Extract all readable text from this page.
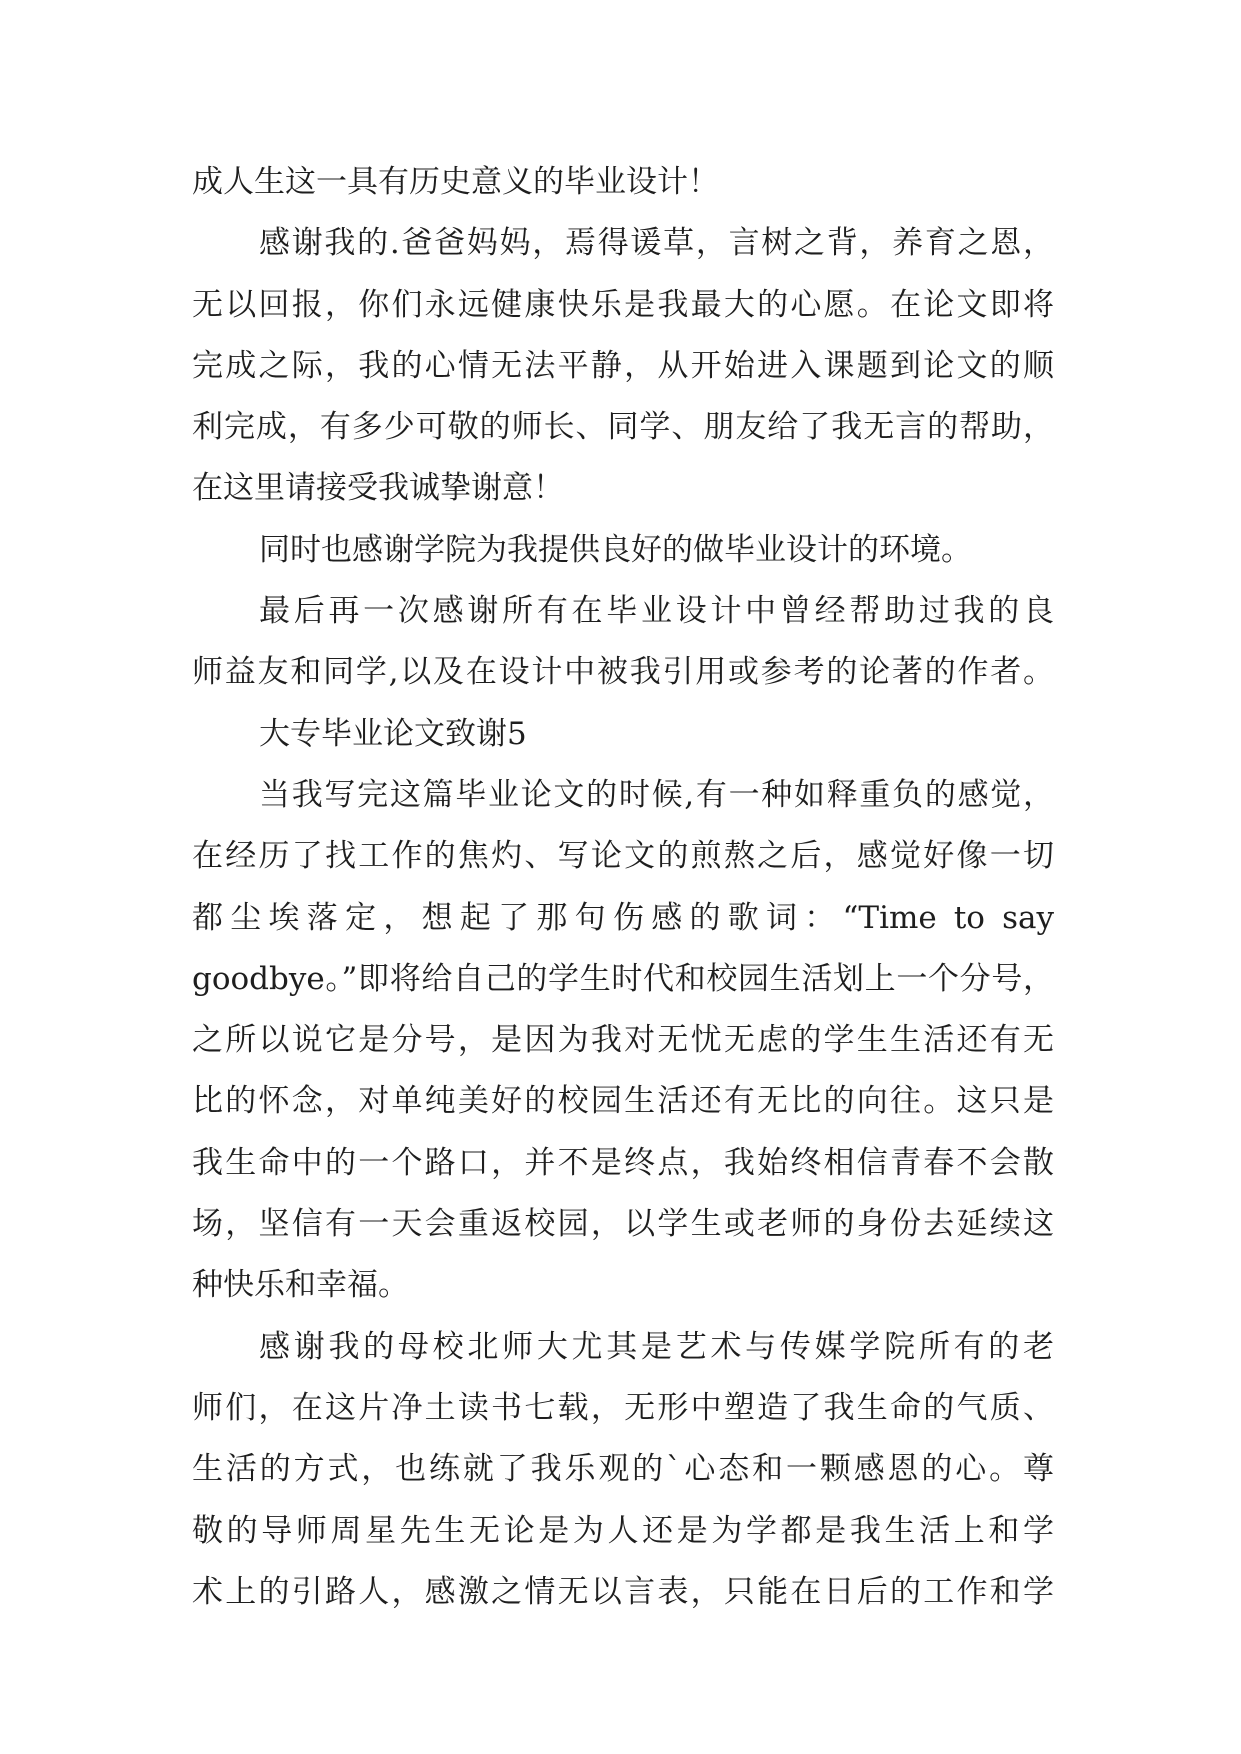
成人生这一具有历史意义的毕业设计！
感谢我的.爸爸妈妈，焉得谖草，言树之背，养育之恩，
无以回报，你们永远健康快乐是我最大的心愿。在论文即将
完成之际，我的心情无法平静，从开始进入课题到论文的顺
利完成，有多少可敬的师长、同学、朋友给了我无言的帮助，
在这里请接受我诚挚谢意！
同时也感谢学院为我提供良好的做毕业设计的环境。
最后再一次感谢所有在毕业设计中曾经帮助过我的良
师益友和同学,以及在设计中被我引用或参考的论著的作者。
大专毕业论文致谢5
当我写完这篇毕业论文的时候,有一种如释重负的感觉，
在经历了找工作的焦灼、写论文的煎熬之后，感觉好像一切
都尘埃落定，想起了那句伤感的歌词：“Time to say
goodbye。”即将给自己的学生时代和校园生活划上一个分号，
之所以说它是分号，是因为我对无忧无虑的学生生活还有无
比的怀念，对单纯美好的校园生活还有无比的向往。这只是
我生命中的一个路口，并不是终点，我始终相信青春不会散
场，坚信有一天会重返校园，以学生或老师的身份去延续这
种快乐和幸福。
感谢我的母校北师大尤其是艺术与传媒学院所有的老
师们，在这片净土读书七载，无形中塑造了我生命的气质、
生活的方式，也练就了我乐观的`心态和一颗感恩的心。尊
敬的导师周星先生无论是为人还是为学都是我生活上和学
术上的引路人，感激之情无以言表，只能在日后的工作和学
